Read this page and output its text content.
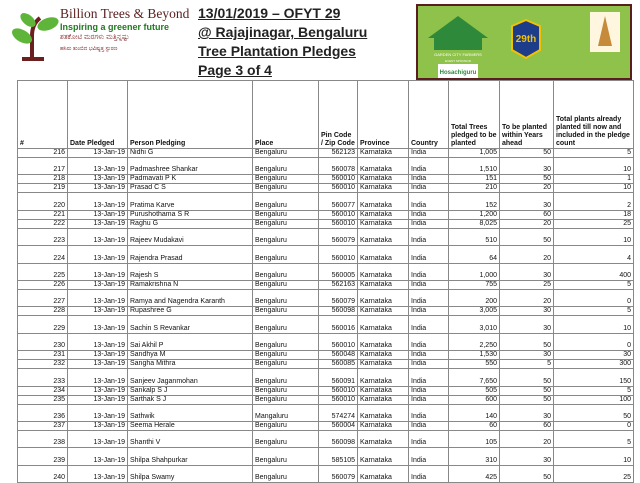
Billion Trees & Beyond
Inspiring a greener future
ಶತಕೋಟಿ ಮರಗಳು ಮತ್ತಿನ್ನಷ್ಟು
ಹಸಿರು ತುಂಬಿದ ಭವಿಷ್ಯತ್ತ ಸ್ಫುರಣ
13/01/2019 – OFYT 29
@ Rajajinagar, Bengaluru
Tree Plantation Pledges
Page 3 of 4
GARDEN CITY FARMERS
EVENT SPONSOR
Hosachiguru
29th
#	Date Pledged	Person Pledging	Place	Pin Code / Zip Code	Province	Country	Total Trees pledged to be planted	To be planted within Years ahead	Total plants already planted till now and included in the pledge count
216	13-Jan-19	Nidhi G	Bengaluru	562123	Karnataka	India	1,005	50	5
217	13-Jan-19	Padmashree Shankar	Bengaluru	560078	Karnataka	India	1,510	30	10
218	13-Jan-19	Padmavati P K	Bengaluru	560010	Karnataka	India	151	50	1
219	13-Jan-19	Prasad C S	Bengaluru	560010	Karnataka	India	210	20	10
220	13-Jan-19	Pratima Karve	Bengaluru	560077	Karnataka	India	152	30	2
221	13-Jan-19	Purushothama S R	Bengaluru	560010	Karnataka	India	1,200	60	18
222	13-Jan-19	Raghu G	Bengaluru	560010	Karnataka	India	8,025	20	25
223	13-Jan-19	Rajeev Mudakavi	Bengaluru	560079	Karnataka	India	510	50	10
224	13-Jan-19	Rajendra Prasad	Bengaluru	560010	Karnataka	India	64	20	4
225	13-Jan-19	Rajesh S	Bengaluru	560005	Karnataka	India	1,000	30	400
226	13-Jan-19	Ramakrishna N	Bengaluru	562163	Karnataka	India	755	25	5
227	13-Jan-19	Ramya and Nagendra Karanth	Bengaluru	560079	Karnataka	India	200	20	0
228	13-Jan-19	Rupashree G	Bengaluru	560098	Karnataka	India	3,005	30	5
229	13-Jan-19	Sachin S Revankar	Bengaluru	560016	Karnataka	India	3,010	30	10
230	13-Jan-19	Sai Akhil P	Bengaluru	560010	Karnataka	India	2,250	50	0
231	13-Jan-19	Sandhya M	Bengaluru	560048	Karnataka	India	1,530	30	30
232	13-Jan-19	Sangha Mithra	Bengaluru	560085	Karnataka	India	550	5	300
233	13-Jan-19	Sanjeev Jaganmohan	Bengaluru	560091	Karnataka	India	7,650	50	150
234	13-Jan-19	Sankalp S J	Bengaluru	560010	Karnataka	India	505	50	5
235	13-Jan-19	Sarthak S J	Bengaluru	560010	Karnataka	India	600	50	100
236	13-Jan-19	Sathwik	Mangaluru	574274	Karnataka	India	140	30	50
237	13-Jan-19	Seema Herale	Bengaluru	560004	Karnataka	India	60	60	0
238	13-Jan-19	Shanthi V	Bengaluru	560098	Karnataka	India	105	20	5
239	13-Jan-19	Shilpa Shahpurkar	Bengaluru	585105	Karnataka	India	310	30	10
240	13-Jan-19	Shilpa Swamy	Bengaluru	560079	Karnataka	India	425	50	25
